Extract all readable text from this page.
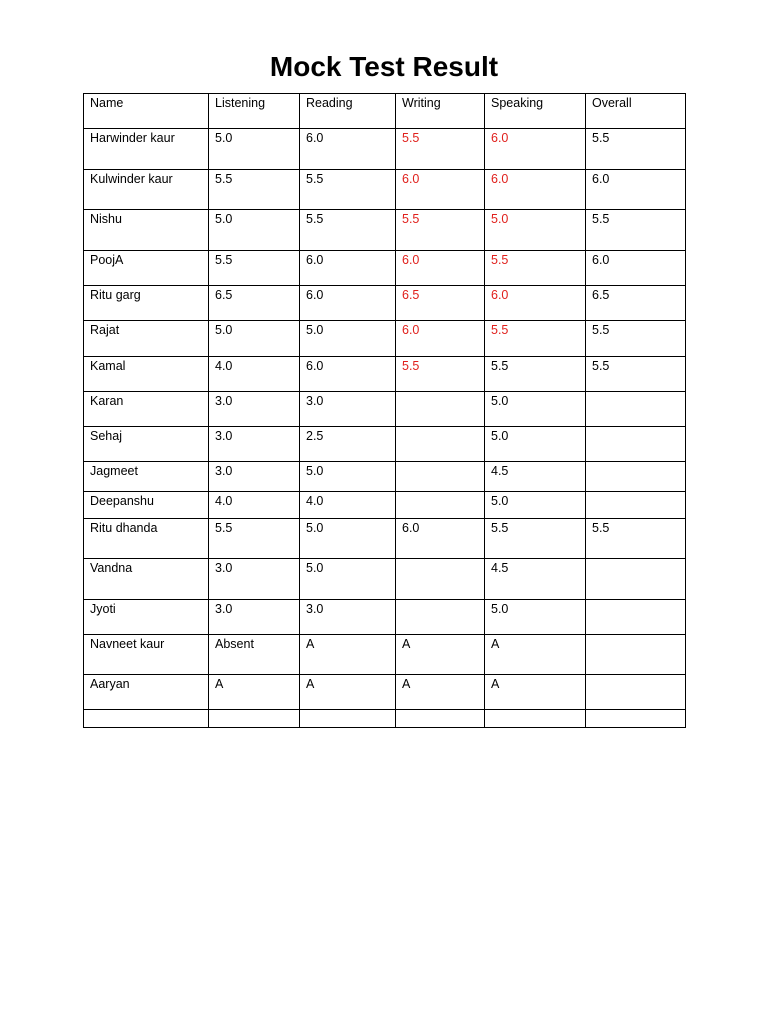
Mock Test Result
Name	Listening	Reading	Writing	Speaking	Overall
Harwinder kaur	5.0	6.0	5.5	6.0	5.5
Kulwinder kaur	5.5	5.5	6.0	6.0	6.0
Nishu	5.0	5.5	5.5	5.0	5.5
PoojA	5.5	6.0	6.0	5.5	6.0
Ritu garg	6.5	6.0	6.5	6.0	6.5
Rajat	5.0	5.0	6.0	5.5	5.5
Kamal	4.0	6.0	5.5	5.5	5.5
Karan	3.0	3.0		5.0	
Sehaj	3.0	2.5		5.0	
Jagmeet	3.0	5.0		4.5	
Deepanshu	4.0	4.0		5.0	
Ritu dhanda	5.5	5.0	6.0	5.5	5.5
Vandna	3.0	5.0		4.5	
Jyoti	3.0	3.0		5.0	
Navneet kaur	Absent	A	A	A	
Aaryan	A	A	A	A	
